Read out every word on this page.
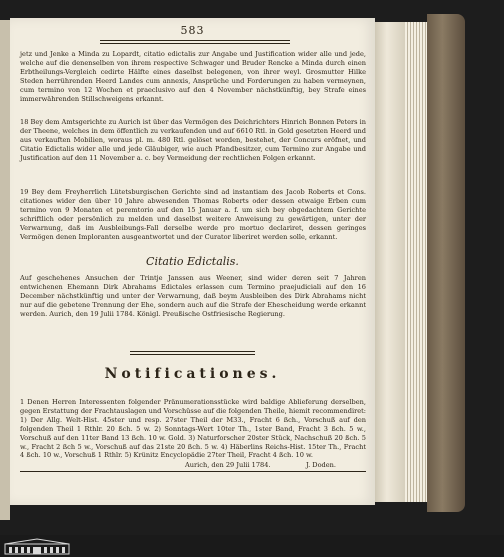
583

jetz und Jenke a Minda zu Lopardt, citatio edictalis zur Angabe und Justification wider alle und jede, welche auf die denenselben von ihrem respective Schwager und Bruder Rencke a Minda durch einen Erbtheilungs-Vergleich cedirte Hälfte eines daselbst belegenen, von ihrer weyl. Grosmutter Hilke Steden herrührenden Heerd Landes cum annexis, Ansprüche und Forderungen zu haben vermeynen, cum termino von 12 Wochen et praeclusivo auf den 4 November nächstkünftig, bey Strafe eines immerwährenden Stillschweigens erkannt.

18 Bey dem Amtsgerichte zu Aurich ist über das Vermögen des Deichrichters Hinrich Bonnen Peters in der Theene, welches in dem öffentlich zu verkaufenden und auf 6610 Rtl. in Gold gesetzten Heerd und aus verkauften Mobilien, woraus pl. m. 480 Rtl. gelöset worden, bestehet, der Concurs eröfnet, und Citatio Edictalis wider alle und jede Gläubiger, wie auch Pfandbesitzer, cum Termino zur Angabe und Justification auf den 11 November a. c. bey Vermeidung der rechtlichen Folgen erkannt.

19 Bey dem Freyherrlich Lütetsburgischen Gerichte sind ad instantiam des Jacob Roberts et Cons. citationes wider den über 10 Jahre abwesenden Thomas Roberts oder dessen etwaige Erben cum termino von 9 Monaten et peremtorio auf den 15 Januar a. f. um sich bey obgedachtem Gerichte schriftlich oder persönlich zu melden und daselbst weitere Anweisung zu gewärtigen, unter der Verwarnung, daß im Ausbleibungs-Fall derselbe werde pro mortuo declariret, dessen geringes Vermögen denen Imploranten ausgeantwortet und der Curator liberiret werden solle, erkannt.

Citatio Edictalis.

Auf geschehenes Ansuchen der Trintje Janssen aus Weener, sind wider deren seit 7 Jahren entwichenen Ehemann Dirk Abrahams Edictales erlassen cum Termino praejudiciali auf den 16 December nächstkünftig und unter der Verwarnung, daß beym Ausbleiben des Dirk Abrahams nicht nur auf die gebetene Trennung der Ehe, sondern auch auf die Strafe der Ehescheidung werde erkannt werden. Aurich, den 19 Julii 1784. Königl. Preußische Ostfriesische Regierung.

Notificationes.

1 Denen Herren Interessenten folgender Pränumerationsstücke wird baldige Ablieferung derselben, gegen Erstattung der Frachtauslagen und Vorschüsse auf die folgenden Theile, hiemit recommendiret: 1) Der Allg. Welt-Hist. 45ster und resp. 27ster Theil der M33., Fracht 6 ßch., Vorschuß auf den folgenden Theil 1 Rthlr. 20 ßch. 5 w. 2) Sonntags-Wert 10ter Th., 1ster Band, Fracht 3 ßch. 5 w., Vorschuß auf den 11ter Band 13 ßch. 10 w. Gold. 3) Naturforscher 20ster Stück, Nachschuß 20 ßch. 5 w., Fracht 2 ßch 5 w., Vorschuß auf das 21ste 20 ßch. 5 w. 4) Häberlins Reichs-Hist. 15ter Th., Fracht 4 ßch. 10 w., Vorschuß 1 Rthlr. 5) Krünitz Encyclopädie 27ter Theil, Fracht 4 ßch. 10 w.

Aurich, den 29 Julii 1784.	J. Doden.
